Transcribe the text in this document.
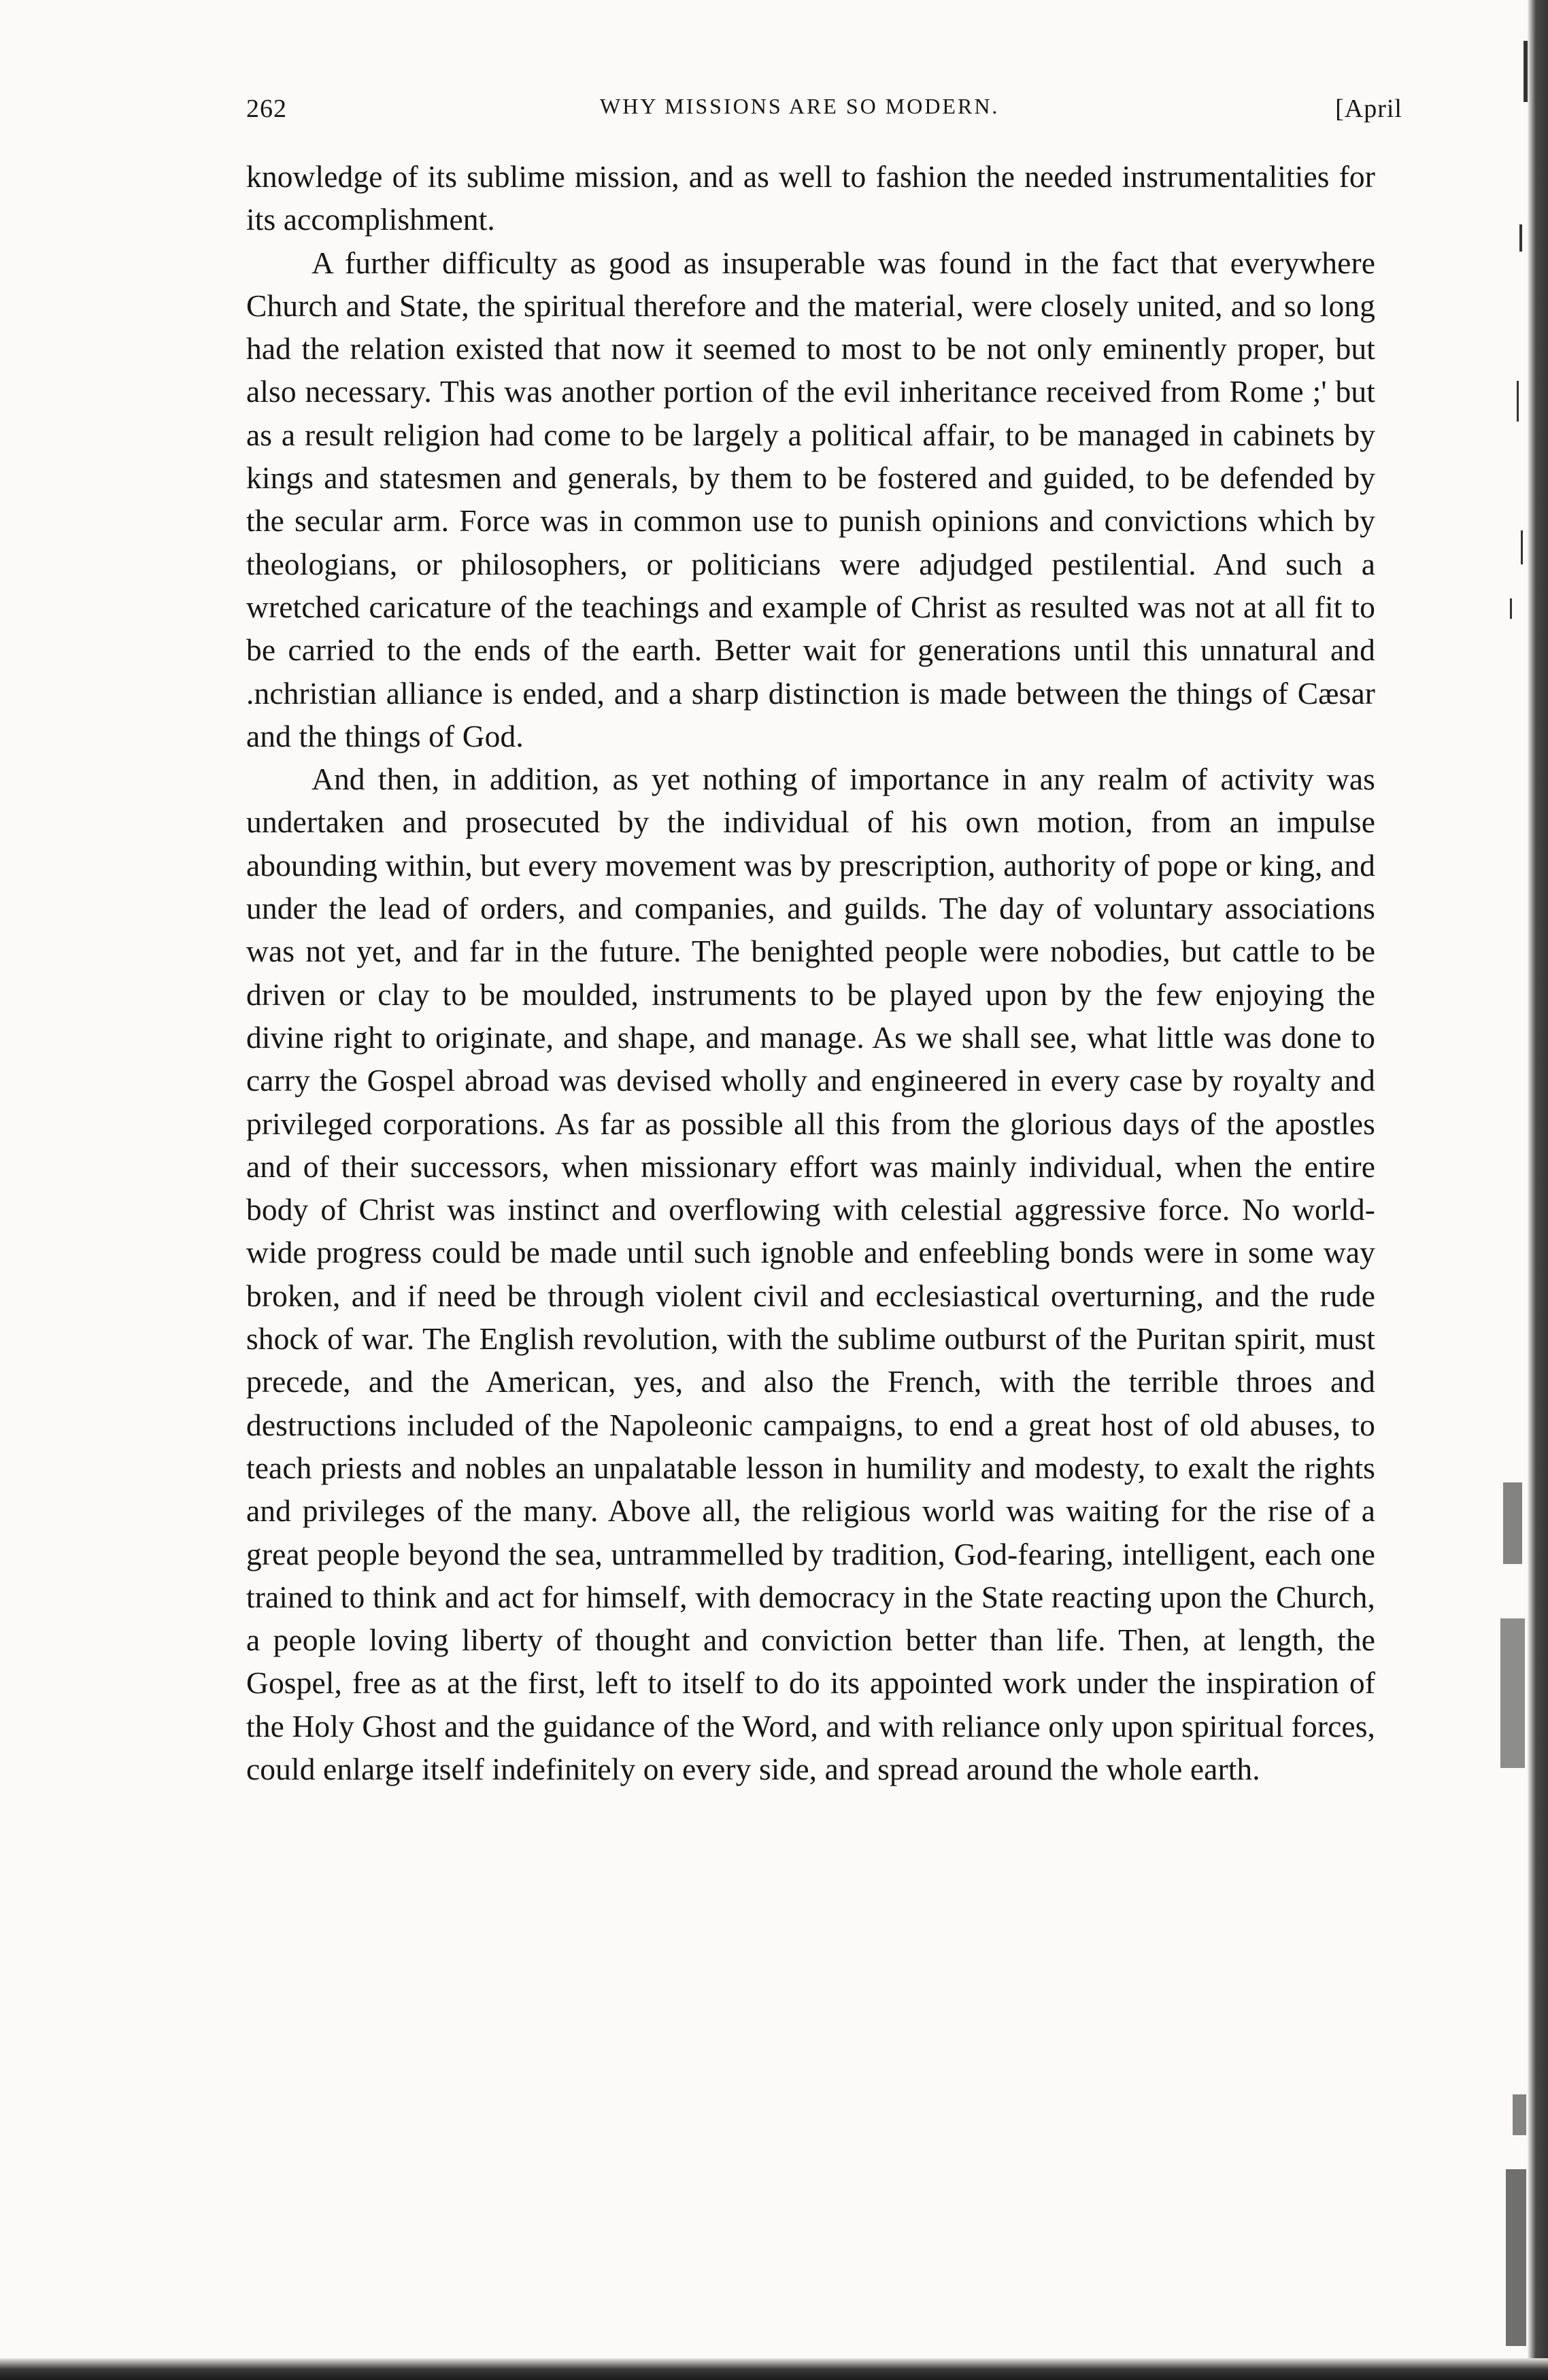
262	WHY MISSIONS ARE SO MODERN.	[April

knowledge of its sublime mission, and as well to fashion the needed instrumentalities for its accomplishment.

A further difficulty as good as insuperable was found in the fact that everywhere Church and State, the spiritual therefore and the material, were closely united, and so long had the relation existed that now it seemed to most to be not only eminently proper, but also necessary. This was another portion of the evil inheritance received from Rome ;' but as a result religion had come to be largely a political affair, to be managed in cabinets by kings and statesmen and generals, by them to be fostered and guided, to be defended by the secular arm. Force was in common use to punish opinions and convictions which by theologians, or philosophers, or politicians were adjudged pestilential. And such a wretched caricature of the teachings and example of Christ as resulted was not at all fit to be carried to the ends of the earth. Better wait for generations until this unnatural and .nchristian alliance is ended, and a sharp distinction is made between the things of Cæsar and the things of God.

And then, in addition, as yet nothing of importance in any realm of activity was undertaken and prosecuted by the individual of his own motion, from an impulse abounding within, but every movement was by prescription, authority of pope or king, and under the lead of orders, and companies, and guilds. The day of voluntary associations was not yet, and far in the future. The benighted people were nobodies, but cattle to be driven or clay to be moulded, instruments to be played upon by the few enjoying the divine right to originate, and shape, and manage. As we shall see, what little was done to carry the Gospel abroad was devised wholly and engineered in every case by royalty and privileged corporations. As far as possible all this from the glorious days of the apostles and of their successors, when missionary effort was mainly individual, when the entire body of Christ was instinct and overflowing with celestial aggressive force. No world-wide progress could be made until such ignoble and enfeebling bonds were in some way broken, and if need be through violent civil and ecclesiastical overturning, and the rude shock of war. The English revolution, with the sublime outburst of the Puritan spirit, must precede, and the American, yes, and also the French, with the terrible throes and destructions included of the Napoleonic campaigns, to end a great host of old abuses, to teach priests and nobles an unpalatable lesson in humility and modesty, to exalt the rights and privileges of the many. Above all, the religious world was waiting for the rise of a great people beyond the sea, untrammelled by tradition, God-fearing, intelligent, each one trained to think and act for himself, with democracy in the State reacting upon the Church, a people loving liberty of thought and conviction better than life. Then, at length, the Gospel, free as at the first, left to itself to do its appointed work under the inspiration of the Holy Ghost and the guidance of the Word, and with reliance only upon spiritual forces, could enlarge itself indefinitely on every side, and spread around the whole earth.
